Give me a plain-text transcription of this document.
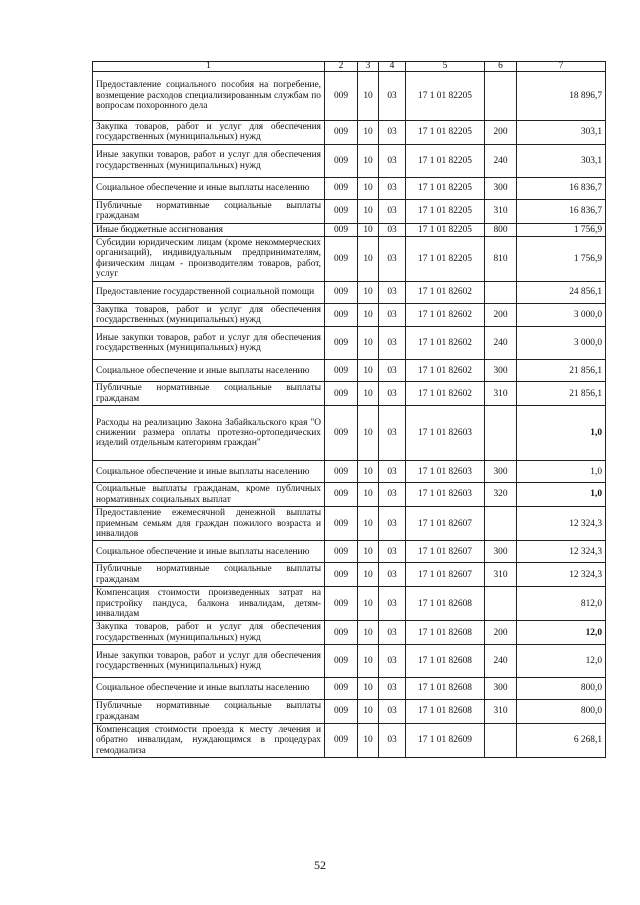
1	2	3	4	5	6	7
Предоставление социального пособия на погребение, возмещение расходов специализированным службам по вопросам похоронного дела	009	10	03	17 1 01 82205		18 896,7
Закупка товаров, работ и услуг для обеспечения государственных (муниципальных) нужд	009	10	03	17 1 01 82205	200	303,1
Иные закупки товаров, работ и услуг для обеспечения государственных (муниципальных) нужд	009	10	03	17 1 01 82205	240	303,1
Социальное обеспечение и иные выплаты населению	009	10	03	17 1 01 82205	300	16 836,7
Публичные нормативные социальные выплаты гражданам	009	10	03	17 1 01 82205	310	16 836,7
Иные бюджетные ассигнования	009	10	03	17 1 01 82205	800	1 756,9
Субсидии юридическим лицам (кроме некоммерческих организаций), индивидуальным предпринимателям, физическим лицам - производителям товаров, работ, услуг	009	10	03	17 1 01 82205	810	1 756,9
Предоставление государственной социальной помощи	009	10	03	17 1 01 82602		24 856,1
Закупка товаров, работ и услуг для обеспечения государственных (муниципальных) нужд	009	10	03	17 1 01 82602	200	3 000,0
Иные закупки товаров, работ и услуг для обеспечения государственных (муниципальных) нужд	009	10	03	17 1 01 82602	240	3 000,0
Социальное обеспечение и иные выплаты населению	009	10	03	17 1 01 82602	300	21 856,1
Публичные нормативные социальные выплаты гражданам	009	10	03	17 1 01 82602	310	21 856,1
Расходы на реализацию Закона Забайкальского края "О снижении размера оплаты протезно-ортопедических изделий отдельным категориям граждан"	009	10	03	17 1 01 82603		1,0
Социальное обеспечение и иные выплаты населению	009	10	03	17 1 01 82603	300	1,0
Социальные выплаты гражданам, кроме публичных нормативных социальных выплат	009	10	03	17 1 01 82603	320	1,0
Предоставление ежемесячной денежной выплаты приемным семьям для граждан пожилого возраста и инвалидов	009	10	03	17 1 01 82607		12 324,3
Социальное обеспечение и иные выплаты населению	009	10	03	17 1 01 82607	300	12 324,3
Публичные нормативные социальные выплаты гражданам	009	10	03	17 1 01 82607	310	12 324,3
Компенсация стоимости произведенных затрат на пристройку пандуса, балкона инвалидам, детям-инвалидам	009	10	03	17 1 01 82608		812,0
Закупка товаров, работ и услуг для обеспечения государственных (муниципальных) нужд	009	10	03	17 1 01 82608	200	12,0
Иные закупки товаров, работ и услуг для обеспечения государственных (муниципальных) нужд	009	10	03	17 1 01 82608	240	12,0
Социальное обеспечение и иные выплаты населению	009	10	03	17 1 01 82608	300	800,0
Публичные нормативные социальные выплаты гражданам	009	10	03	17 1 01 82608	310	800,0
Компенсация стоимости проезда к месту лечения и обратно инвалидам, нуждающимся в процедурах гемодиализа	009	10	03	17 1 01 82609		6 268,1
52
